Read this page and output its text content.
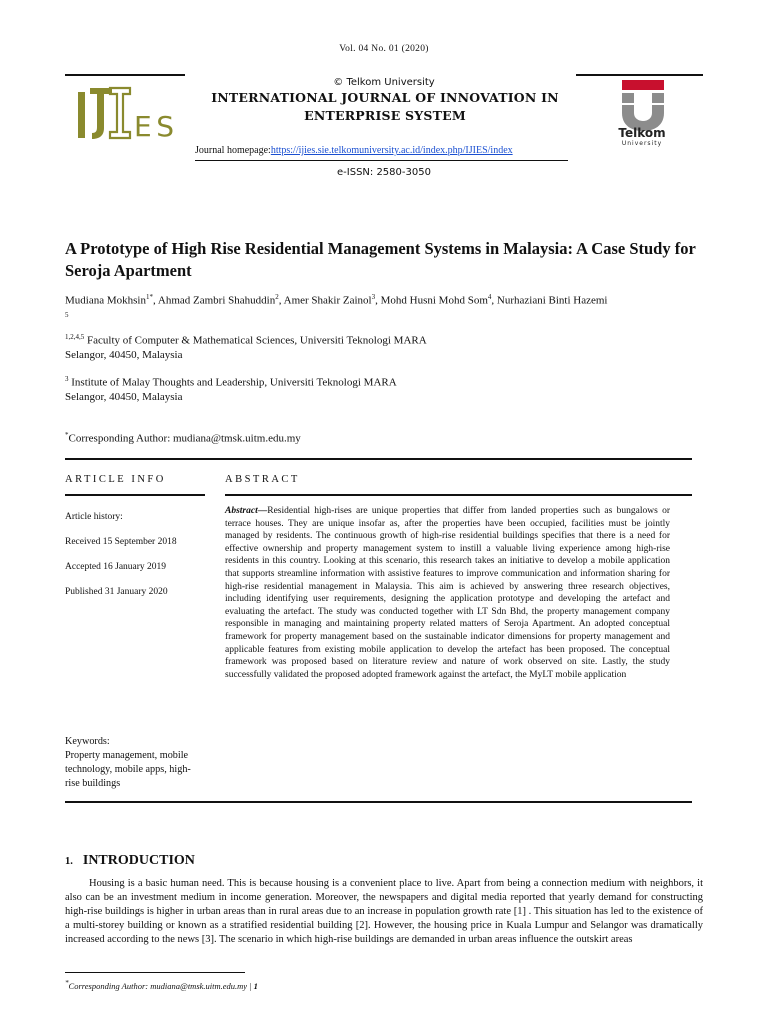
Vol. 04 No. 01 (2020)
© Telkom University
ES
INTERNATIONAL JOURNAL OF INNOVATION IN
ENTERPRISE SYSTEM
Telkom
University
Journal homepage:https://ijies.sie.telkomuniversity.ac.id/index.php/IJIES/index
e-ISSN: 2580-3050
A Prototype of High Rise Residential Management Systems in Malaysia: A Case Study for Seroja Apartment
Mudiana Mokhsin$^{1*}$, Ahmad Zambri Shahuddin$^2$, Amer Shakir Zainol$^3$, Mohd Husni Mohd Som$^4$, Nurhaziani Binti Hazemi
$^5$
$^{1,2,4,5}$ Faculty of Computer & Mathematical Sciences, Universiti Teknologi MARA
Selangor, 40450, Malaysia
$^3$ Institute of Malay Thoughts and Leadership, Universiti Teknologi MARA
Selangor, 40450, Malaysia
*Corresponding Author: mudiana@tmsk.uitm.edu.my
ARTICLE INFO	ABSTRACT
Article history:
Received 15 September 2018
Accepted 16 January 2019
Published 31 January 2020
Abstract—Residential high-rises are unique properties that differ from landed properties such as bungalows or terrace houses. They are unique insofar as, after the properties have been occupied, facilities must be jointly managed by residents. The continuous growth of high-rise residential buildings specifies that there is a need for effective ownership and property management system to instill a valuable living experience among high-rise residents in this country. Looking at this scenario, this research takes an initiative to develop a mobile application that supports streamline information with assistive features to improve communication and information sharing for high-rise residential management in Malaysia. This aim is achieved by answering three research objectives, including identifying user requirements, designing the application prototype and developing the artefact and evaluating the artefact. The study was conducted together with LT Sdn Bhd, the property management company responsible in managing and maintaining property related matters of Seroja Apartment. An adopted conceptual framework for property management based on the sustainable indicator dimensions for property management and applicable features from existing mobile application to develop the artefact has been proposed. The conceptual framework was proposed based on literature review and nature of work observed on site. Lastly, the study successfully validated the proposed adopted framework against the artefact, the MyLT mobile application
Keywords:
Property management, mobile technology, mobile apps, high-rise buildings
1. INTRODUCTION
Housing is a basic human need. This is because housing is a convenient place to live. Apart from being a connection medium with neighbors, it also can be an investment medium in income generation. Moreover, the newspapers and digital media reported that yearly demand for constructing high-rise buildings is higher in urban areas than in rural areas due to an increase in population growth rate [1] . This situation has led to the existence of a multi-storey building or known as a stratified residential building [2]. However, the housing price in Kuala Lumpur and Selangor was dramatically increased according to the news [3]. The scenario in which high-rise buildings are demanded in urban areas influence the outskirt areas
*Corresponding Author: mudiana@tmsk.uitm.edu.my | 1
